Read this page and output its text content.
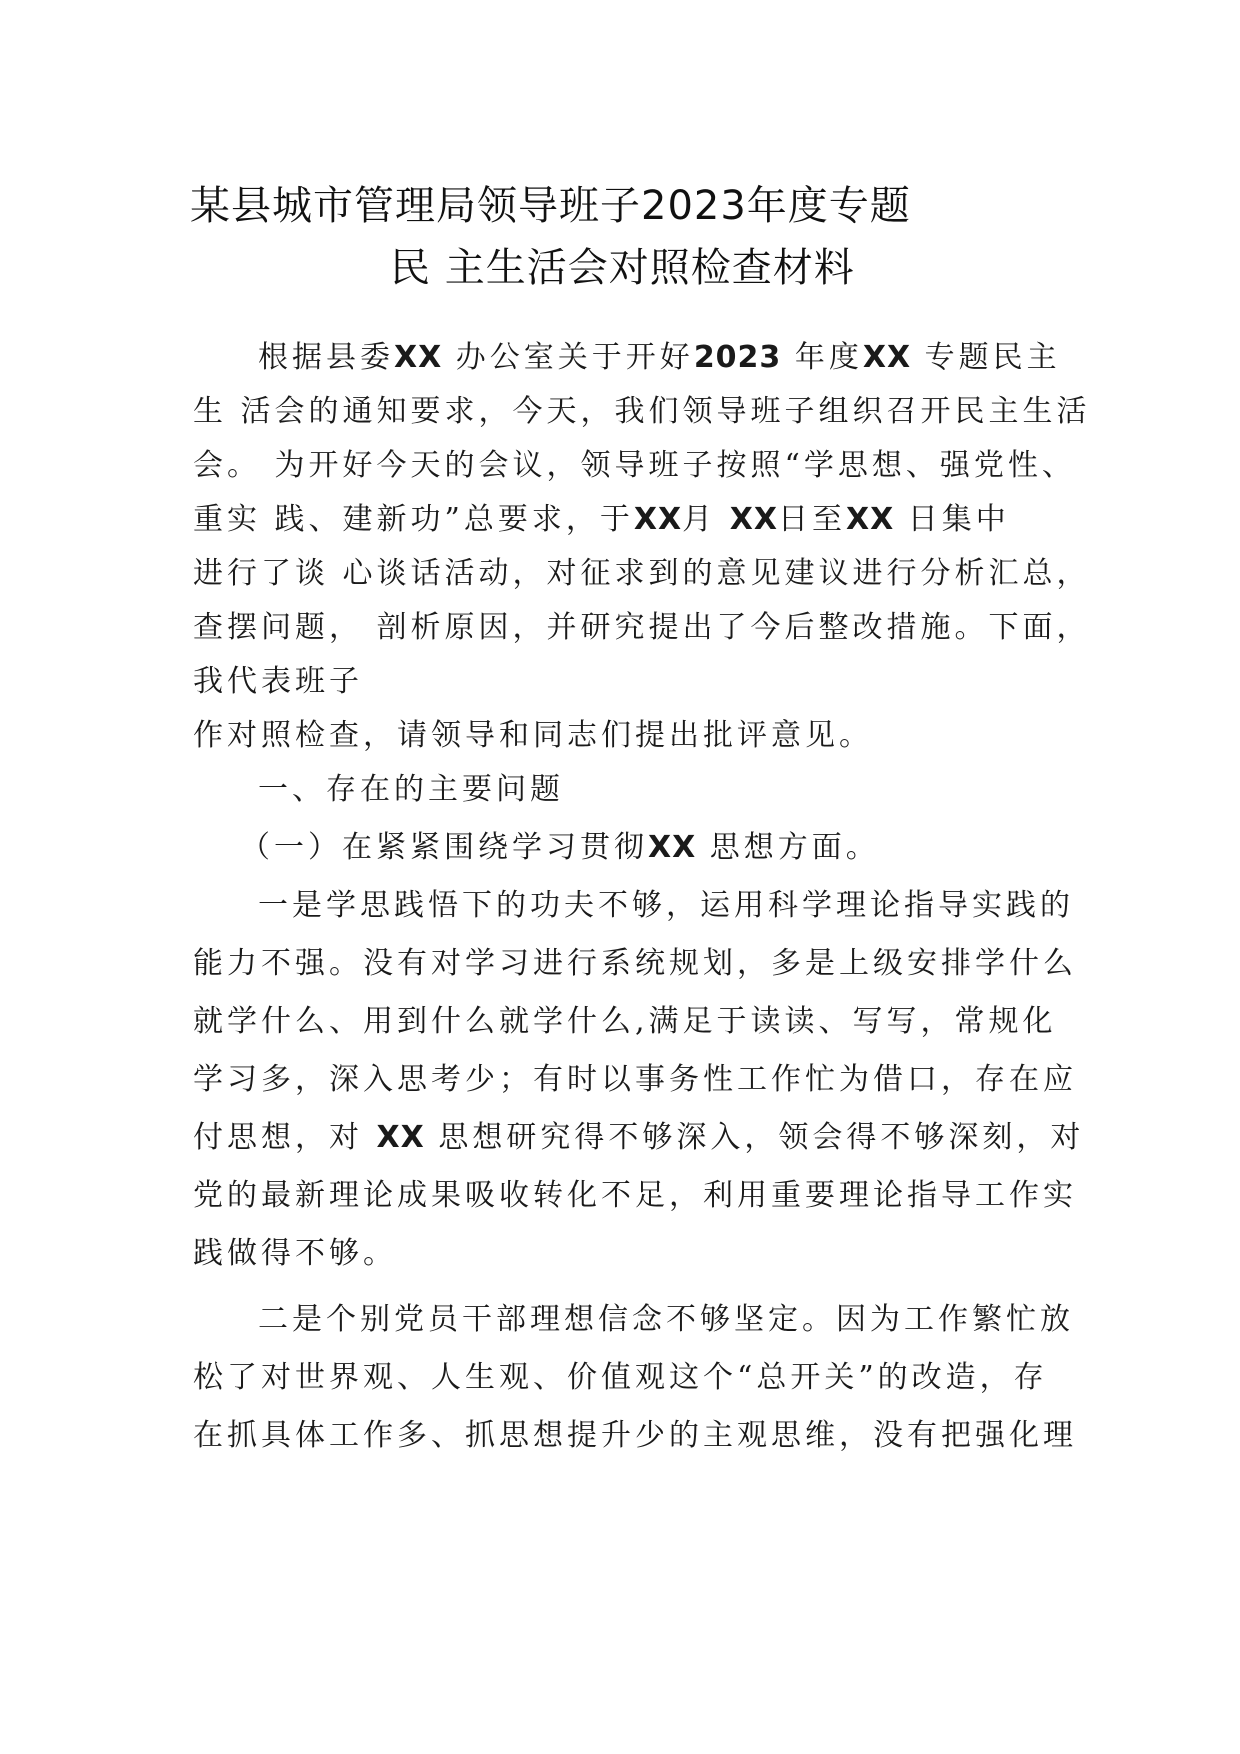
某县城市管理局领导班子2023年度专题
民 主生活会对照检查材料
根据县委XX 办公室关于开好2023 年度XX 专题民主
生 活会的通知要求，今天，我们领导班子组织召开民主生活
会。 为开好今天的会议，领导班子按照“学思想、强党性、
重实 践、建新功”总要求，于XX月 XX日至XX 日集中
进行了谈 心谈话活动，对征求到的意见建议进行分析汇总，
查摆问题， 剖析原因，并研究提出了今后整改措施。下面，
我代表班子
作对照检查，请领导和同志们提出批评意见。
一、存在的主要问题
（一）在紧紧围绕学习贯彻XX 思想方面。
一是学思践悟下的功夫不够，运用科学理论指导实践的
能力不强。没有对学习进行系统规划，多是上级安排学什么
就学什么、用到什么就学什么,满足于读读、写写，常规化
学习多，深入思考少；有时以事务性工作忙为借口，存在应
付思想，对 XX 思想研究得不够深入，领会得不够深刻，对
党的最新理论成果吸收转化不足，利用重要理论指导工作实
践做得不够。
二是个别党员干部理想信念不够坚定。因为工作繁忙放
松了对世界观、人生观、价值观这个“总开关”的改造，存
在抓具体工作多、抓思想提升少的主观思维，没有把强化理
